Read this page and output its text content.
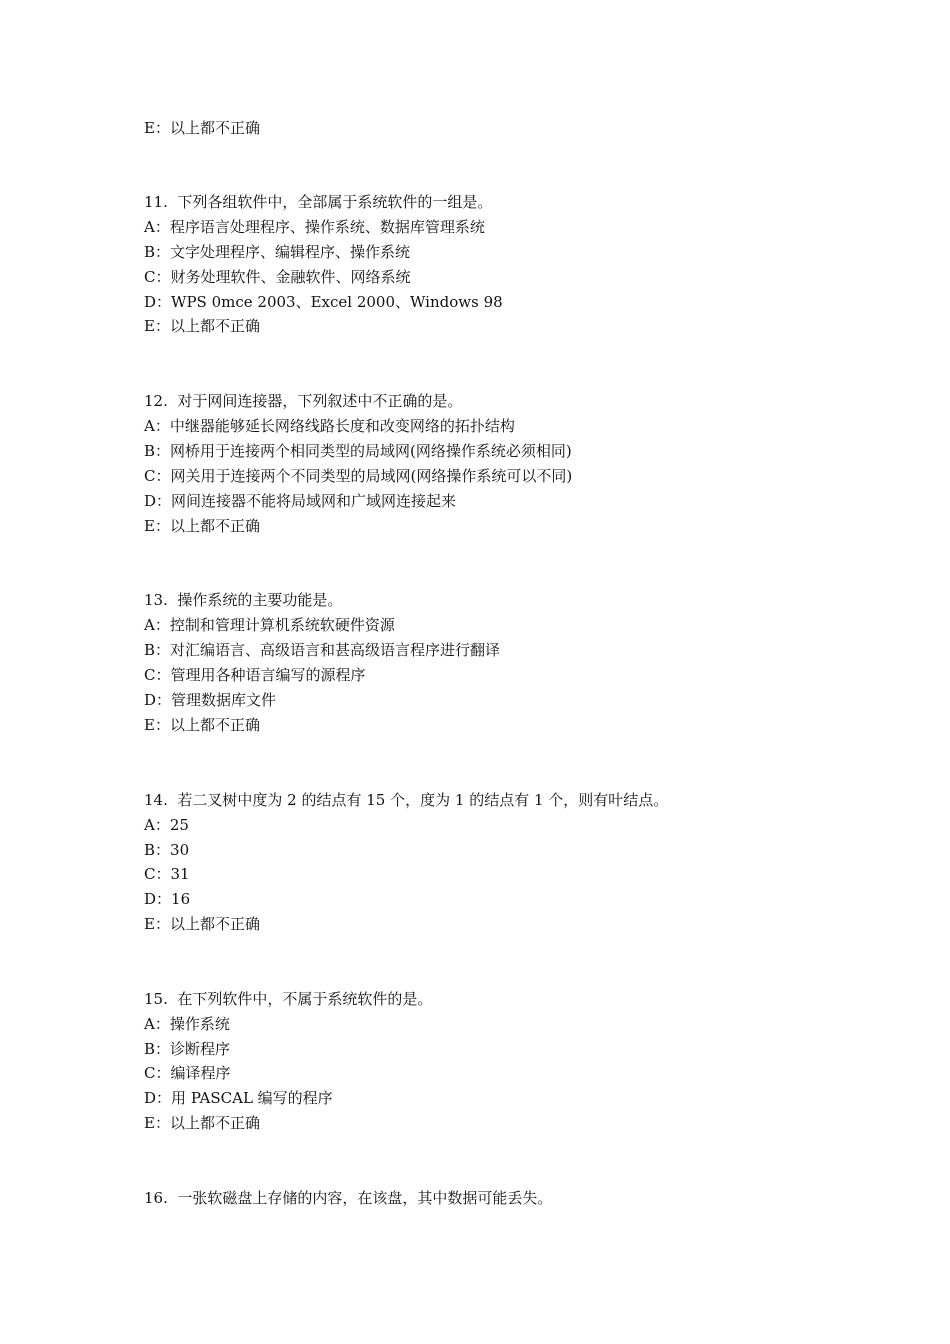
E：以上都不正确
11. 下列各组软件中，全部属于系统软件的一组是。
A：程序语言处理程序、操作系统、数据库管理系统
B：文字处理程序、编辑程序、操作系统
C：财务处理软件、金融软件、网络系统
D：WPS 0mce 2003、Excel 2000、Windows 98
E：以上都不正确
12. 对于网间连接器，下列叙述中不正确的是。
A：中继器能够延长网络线路长度和改变网络的拓扑结构
B：网桥用于连接两个相同类型的局域网(网络操作系统必须相同)
C：网关用于连接两个不同类型的局域网(网络操作系统可以不同)
D：网间连接器不能将局域网和广域网连接起来
E：以上都不正确
13. 操作系统的主要功能是。
A：控制和管理计算机系统软硬件资源
B：对汇编语言、高级语言和甚高级语言程序进行翻译
C：管理用各种语言编写的源程序
D：管理数据库文件
E：以上都不正确
14. 若二叉树中度为 2 的结点有 15 个，度为 1 的结点有 1 个，则有叶结点。
A：25
B：30
C：31
D：16
E：以上都不正确
15. 在下列软件中，不属于系统软件的是。
A：操作系统
B：诊断程序
C：编译程序
D：用 PASCAL 编写的程序
E：以上都不正确
16. 一张软磁盘上存储的内容，在该盘，其中数据可能丢失。
